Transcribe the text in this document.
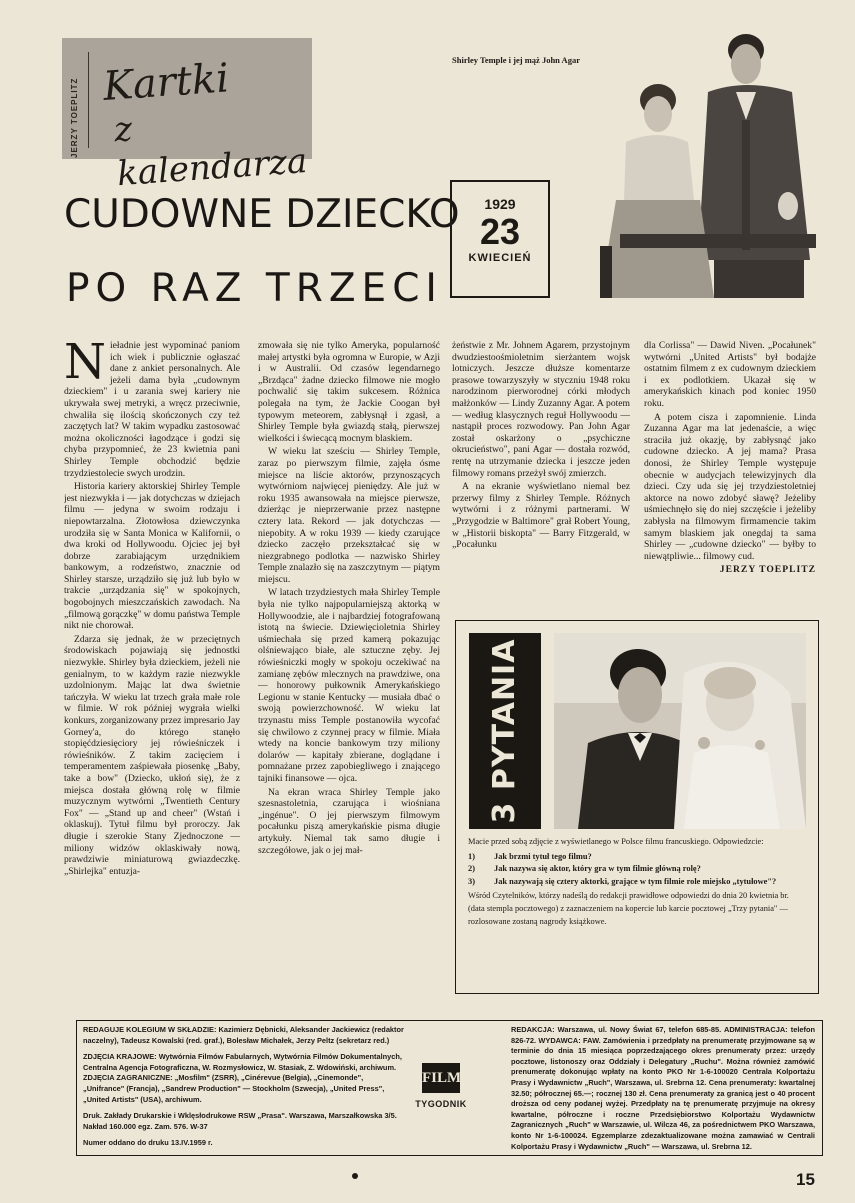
JERZY TOEPLITZ Kartki
z kalendarza
CUDOWNE DZIECKO
PO RAZ TRZECI
1929
23
KWIECIEŃ
Shirley Temple i jej mąż John Agar

Nieładnie jest wypominać paniom ich wiek i publicznie ogłaszać dane z ankiet personalnych. Ale jeżeli dama była „cudownym dzieckiem" i u zarania swej kariery nie ukrywała swej metryki, a wręcz przeciwnie, chwaliła się ilością skończonych czy też zaczętych lat? W takim wypadku zastosować można okoliczności łagodzące i godzi się chyba przypomnieć, że 23 kwietnia pani Shirley Temple obchodzić będzie trzydziestolecie swych urodzin.

Historia kariery aktorskiej Shirley Temple jest niezwykła i — jak dotychczas w dziejach filmu — jedyna w swoim rodzaju i niepowtarzalna. Złotowłosa dziewczynka urodziła się w Santa Monica w Kalifornii, o dwa kroki od Hollywoodu. Ojciec jej był dobrze zarabiającym urzędnikiem bankowym, a rodzeństwo, znacznie od Shirley starsze, urządziło się już lub było w trakcie „urządzania się" w spokojnych, bogobojnych mieszczańskich zawodach. Na „filmową gorączkę" w domu państwa Temple nikt nie chorował.

Zdarza się jednak, że w przeciętnych środowiskach pojawiają się jednostki niezwykłe. Shirley była dzieckiem, jeżeli nie genialnym, to w każdym razie niezwykle uzdolnionym. Mając lat dwa świetnie tańczyła. W wieku lat trzech grała małe role w filmie. W rok później wygrała wielki konkurs, zorganizowany przez impresario Jay Gorney'a, do którego stanęło stopięćdziesięciory jej rówieśniczek i rówieśników. Z takim zacięciem i temperamentem zaśpiewała piosenkę „Baby, take a bow" (Dziecko, ukłoń się), że z miejsca dostała główną rolę w filmie muzycznym wytwórni „Twentieth Century Fox" — „Stand up and cheer" (Wstań i oklaskuj). Tytuł filmu był proroczy. Jak długie i szerokie Stany Zjednoczone — miliony widzów oklaskiwały nową, prawdziwie miniaturową gwiazdeczkę. „Shirlejka" entuzja-

zmowała się nie tylko Ameryka, popularność małej artystki była ogromna w Europie, w Azji i w Australii. Od czasów legendarnego „Brzdąca" żadne dziecko filmowe nie mogło pochwalić się takim sukcesem. Różnica polegała na tym, że Jackie Coogan był typowym meteorem, zabłysnął i zgasł, a Shirley Temple była gwiazdą stałą, pierwszej wielkości i świecącą mocnym blaskiem.

W wieku lat sześciu — Shirley Temple, zaraz po pierwszym filmie, zajęła ósme miejsce na liście aktorów, przynoszących wytwórniom najwięcej pieniędzy. Ale już w roku 1935 awansowała na miejsce pierwsze, dzierżąc je nieprzerwanie przez następne cztery lata. Rekord — jak dotychczas — niepobity. A w roku 1939 — kiedy czarujące dziecko zaczęło przekształcać się w niezgrabnego podlotka — nazwisko Shirley Temple znalazło się na zaszczytnym — piątym miejscu.

W latach trzydziestych mała Shirley Temple była nie tylko najpopularniejszą aktorką w Hollywoodzie, ale i najbardziej fotografowaną istotą na świecie. Dziewięcioletnia Shirley uśmiechała się przed kamerą pokazując olśniewająco białe, ale sztuczne zęby. Jej rówieśniczki mogły w spokoju oczekiwać na zamianę zębów mlecznych na prawdziwe, ona — honorowy pułkownik Amerykańskiego Legionu w stanie Kentucky — musiała dbać o swoją powierzchowność. W wieku lat trzynastu miss Temple postanowiła wycofać się chwilowo z czynnej pracy w filmie. Miała wtedy na koncie bankowym trzy miliony dolarów — kapitały zbierane, doglądane i pomnażane przez zapobiegliwego i znającego tajniki finansowe — ojca.

Na ekran wraca Shirley Temple jako szesnastoletnia, czarująca i wiośniana „ingénue". O jej pierwszym filmowym pocałunku piszą amerykańskie pisma długie artykuły. Niemal tak samo długie i szczegółowe, jak o jej mał-

żeństwie z Mr. Johnem Agarem, przystojnym dwudziestoośmioletnim sierżantem wojsk lotniczych. Jeszcze dłuższe komentarze prasowe towarzyszyły w styczniu 1948 roku narodzinom pierworodnej córki młodych małżonków — Lindy Zuzanny Agar. A potem — według klasycznych reguł Hollywoodu — nastąpił proces rozwodowy. Pan John Agar został oskarżony o „psychiczne okrucieństwo", pani Agar — dostała rozwód, rentę na utrzymanie dziecka i jeszcze jeden filmowy romans przeżył swój zmierzch.

A na ekranie wyświetlano niemal bez przerwy filmy z Shirley Temple. Różnych wytwórni i z różnymi partnerami. W „Przygodzie w Baltimore" grał Robert Young, w „Historii biskopta" — Barry Fitzgerald, w „Pocałunku

dla Corlissa" — Dawid Niven. „Pocałunek" wytwórni „United Artists" był bodajże ostatnim filmem z ex cudownym dzieckiem i ex podlotkiem. Ukazał się w amerykańskich kinach pod koniec 1950 roku.

A potem cisza i zapomnienie. Linda Zuzanna Agar ma lat jedenaście, a więc straciła już okazję, by zabłysnąć jako cudowne dziecko. A jej mama? Prasa donosi, że Shirley Temple występuje obecnie w audycjach telewizyjnych dla dzieci. Czy uda się jej trzydziestoletniej aktorce na nowo zdobyć sławę? Jeżeliby uśmiechnęło się do niej szczęście i jeżeliby zabłysła na filmowym firmamencie takim samym blaskiem jak onegdaj ta sama Shirley — „cudowne dziecko" — byłby to niewątpliwie... filmowy cud.

JERZY TOEPLITZ
3 PYTANIA

Macie przed sobą zdjęcie z wyświetlanego w Polsce filmu francuskiego. Odpowiedzcie:

1) Jak brzmi tytuł tego filmu?
2) Jak nazywa się aktor, który gra w tym filmie główną rolę?
3) Jak nazywają się cztery aktorki, grające w tym filmie role miejsko „tytułowe"?

Wśród Czytelników, którzy nadeślą do redakcji prawidłowe odpowiedzi do dnia 20 kwietnia br. (data stempla pocztowego) z zaznaczeniem na kopercie lub karcie pocztowej „Trzy pytania" — rozlosowane zostaną nagrody książkowe.

REDAGUJE KOLEGIUM W SKŁADZIE: Kazimierz Dębnicki, Aleksander Jackiewicz (redaktor naczelny), Tadeusz Kowalski (red. graf.), Bolesław Michałek, Jerzy Peltz (sekretarz red.)

ZDJĘCIA KRAJOWE: Wytwórnia Filmów Fabularnych, Wytwórnia Filmów Dokumentalnych, Centralna Agencja Fotograficzna, W. Rozmysłowicz, W. Stasiak, Z. Wdowiński, archiwum. ZDJĘCIA ZAGRANICZNE: „Mosfilm" (ZSRR), „Cinérevue (Belgia), „Cinemonde", „Unifrance" (Francja), „Sandrew Production" — Stockholm (Szwecja), „United Press", „United Artists" (USA), archiwum.

Druk. Zakłady Drukarskie i Wklęsłodrukowe RSW „Prasa". Warszawa, Marszałkowska 3/5. Nakład 160.000 egz. Zam. 576. W-37

Numer oddano do druku 13.IV.1959 r.

FILM
TYGODNIK

REDAKCJA: Warszawa, ul. Nowy Świat 67, telefon 685-85. ADMINISTRACJA: telefon 826-72. WYDAWCA: FAW. Zamówienia i przedpłaty na prenumeratę przyjmowane są w terminie do dnia 15 miesiąca poprzedzającego okres prenumeraty przez: urzędy pocztowe, listonoszy oraz Oddziały i Delegatury „Ruchu". Można również zamówić prenumeratę dokonując wpłaty na konto PKO Nr 1-6-100020 Centrala Kolportażu Prasy i Wydawnictw „Ruch", Warszawa, ul. Srebrna 12. Cena prenumeraty: kwartalnej 32.50; półrocznej 65.—; rocznej 130 zł. Cena prenumeraty za granicą jest o 40 procent droższa od ceny podanej wyżej. Przedpłaty na tę prenumeratę przyjmuje na okresy kwartalne, półroczne i roczne Przedsiębiorstwo Kolportażu Wydawnictw Zagranicznych „Ruch" w Warszawie, ul. Wilcza 46, za pośrednictwem PKO Warszawa, konto Nr 1-6-100024. Egzemplarze zdezaktualizowane można zamawiać w Centrali Kolportażu Prasy i Wydawnictw „Ruch" — Warszawa, ul. Srebrna 12.

15
